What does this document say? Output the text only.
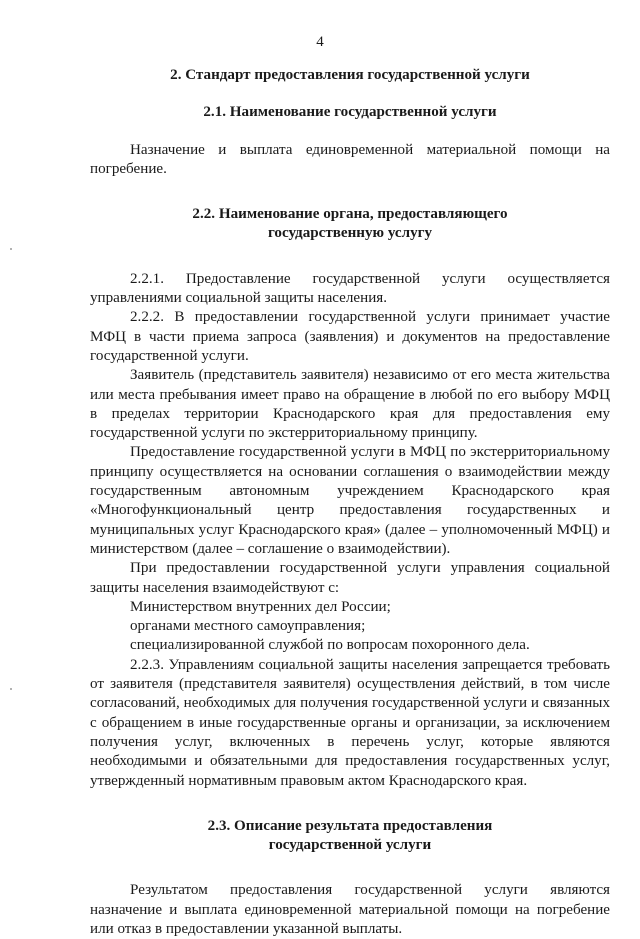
4

2. Стандарт предоставления государственной услуги

2.1. Наименование государственной услуги

Назначение и выплата единовременной материальной помощи на погребение.

2.2. Наименование органа, предоставляющего
государственную услугу

2.2.1. Предоставление государственной услуги осуществляется управлениями социальной защиты населения.

2.2.2. В предоставлении государственной услуги принимает участие МФЦ в части приема запроса (заявления) и документов на предоставление государственной услуги.

Заявитель (представитель заявителя) независимо от его места жительства или места пребывания имеет право на обращение в любой по его выбору МФЦ в пределах территории Краснодарского края для предоставления ему государственной услуги по экстерриториальному принципу.

Предоставление государственной услуги в МФЦ по экстерриториальному принципу осуществляется на основании соглашения о взаимодействии между государственным автономным учреждением Краснодарского края «Многофункциональный центр предоставления государственных и муниципальных услуг Краснодарского края» (далее – уполномоченный МФЦ) и министерством (далее – соглашение о взаимодействии).

При предоставлении государственной услуги управления социальной защиты населения взаимодействуют с:

Министерством внутренних дел России;

органами местного самоуправления;

специализированной службой по вопросам похоронного дела.

2.2.3. Управлениям социальной защиты населения запрещается требовать от заявителя (представителя заявителя) осуществления действий, в том числе согласований, необходимых для получения государственной услуги и связанных с обращением в иные государственные органы и организации, за исключением получения услуг, включенных в перечень услуг, которые являются необходимыми и обязательными для предоставления государственных услуг, утвержденный нормативным правовым актом Краснодарского края.

2.3. Описание результата предоставления
государственной услуги

Результатом предоставления государственной услуги являются назначение и выплата единовременной материальной помощи на погребение или отказ в предоставлении указанной выплаты.
